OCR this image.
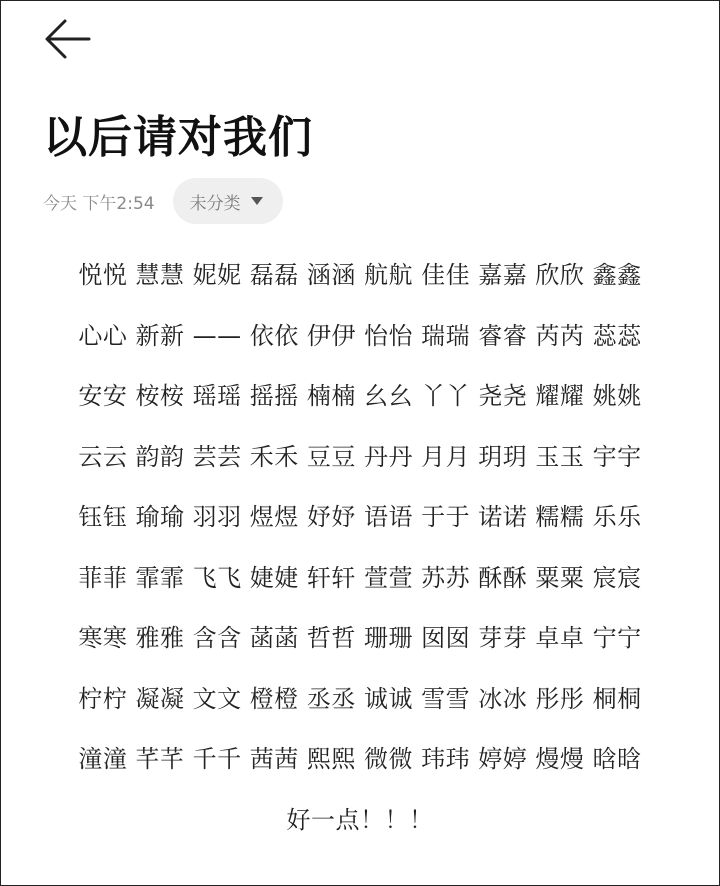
以后请对我们
今天 下午2:54 未分类
悦悦 慧慧 妮妮 磊磊 涵涵 航航 佳佳 嘉嘉 欣欣 鑫鑫
心心 新新 —— 依依 伊伊 怡怡 瑞瑞 睿睿 芮芮 蕊蕊
安安 桉桉 瑶瑶 摇摇 楠楠 幺幺 丫丫 尧尧 耀耀 姚姚
云云 韵韵 芸芸 禾禾 豆豆 丹丹 月月 玥玥 玉玉 宇宇
钰钰 瑜瑜 羽羽 煜煜 妤妤 语语 于于 诺诺 糯糯 乐乐
菲菲 霏霏 飞飞 婕婕 轩轩 萱萱 苏苏 酥酥 粟粟 宸宸
寒寒 雅雅 含含 菡菡 哲哲 珊珊 囡囡 芽芽 卓卓 宁宁
柠柠 凝凝 文文 橙橙 丞丞 诚诚 雪雪 冰冰 彤彤 桐桐
潼潼 芊芊 千千 茜茜 熙熙 微微 玮玮 婷婷 熳熳 晗晗
好一点！！！
